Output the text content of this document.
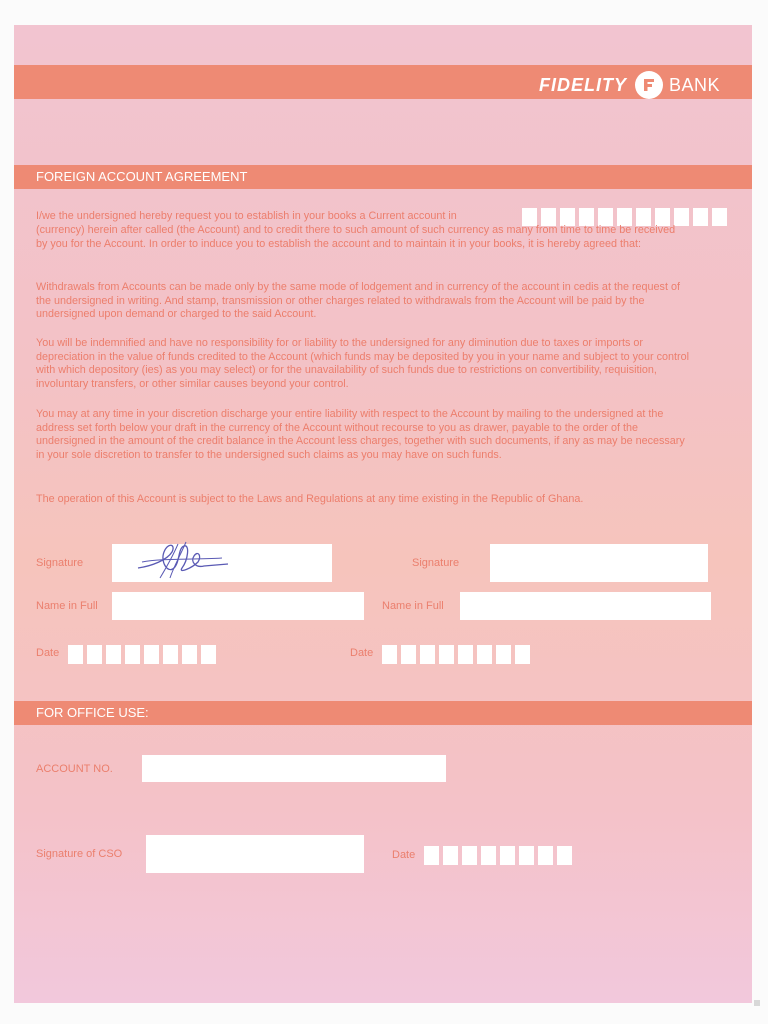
FIDELITY BANK
FOREIGN ACCOUNT AGREEMENT
I/we the undersigned hereby request you to establish in your books a Current account in
(currency) herein after called (the Account) and to credit there to such amount of such currency as many from time to time be received by you for the Account. In order to induce you to establish the account and to maintain it in your books, it is hereby agreed that:
Withdrawals from Accounts can be made only by the same mode of lodgement and in currency of the account in cedis at the request of the undersigned in writing. And stamp, transmission or other charges related to withdrawals from the Account will be paid by the undersigned upon demand or charged to the said Account.
You will be indemnified and have no responsibility for or liability to the undersigned for any diminution due to taxes or imports or depreciation in the value of funds credited to the Account (which funds may be deposited by you in your name and subject to your control with which depository (ies) as you may select) or for the unavailability of such funds due to restrictions on convertibility, requisition, involuntary transfers, or other similar causes beyond your control.
You may at any time in your discretion discharge your entire liability with respect to the Account by mailing to the undersigned at the address set forth below your draft in the currency of the Account without recourse to you as drawer, payable to the order of the undersigned in the amount of the credit balance in the Account less charges, together with such documents, if any as may be necessary in your sole discretion to transfer to the undersigned such claims as you may have on such funds.
The operation of this Account is subject to the Laws and Regulations at any time existing in the Republic of Ghana.
Signature	Signature
Name in Full	Name in Full
Date	Date
FOR OFFICE USE:
ACCOUNT NO.
Signature of CSO	Date
